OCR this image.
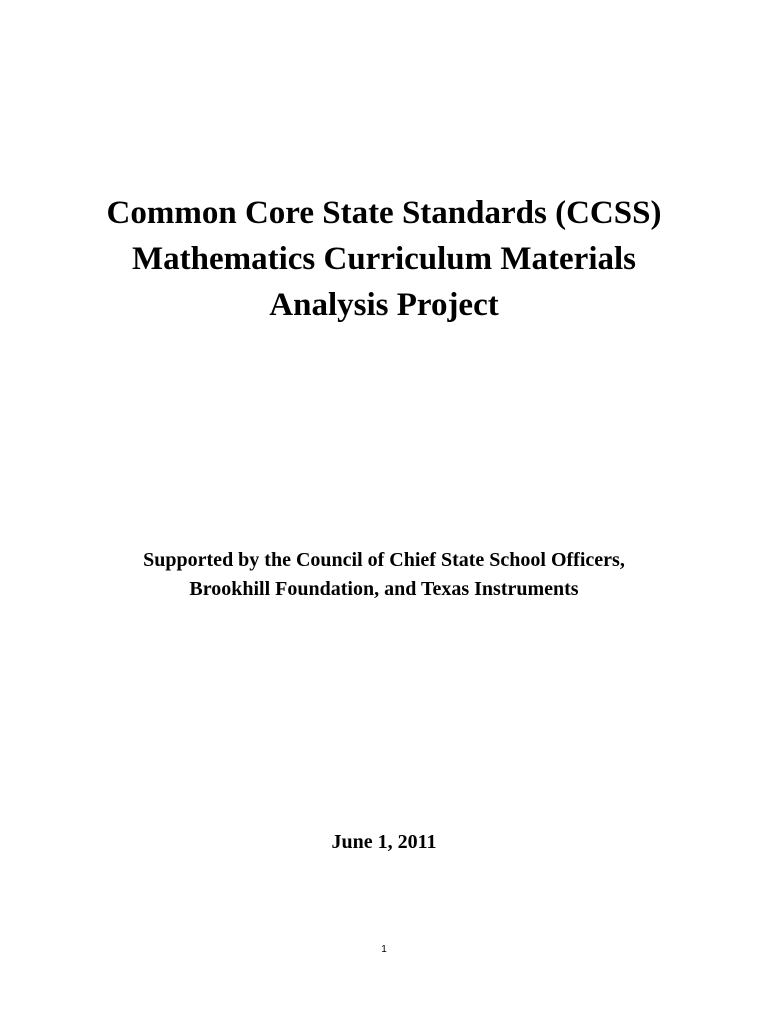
Common Core State Standards (CCSS)
Mathematics Curriculum Materials
Analysis Project
Supported by the Council of Chief State School Officers,
Brookhill Foundation, and Texas Instruments
June 1, 2011
1
